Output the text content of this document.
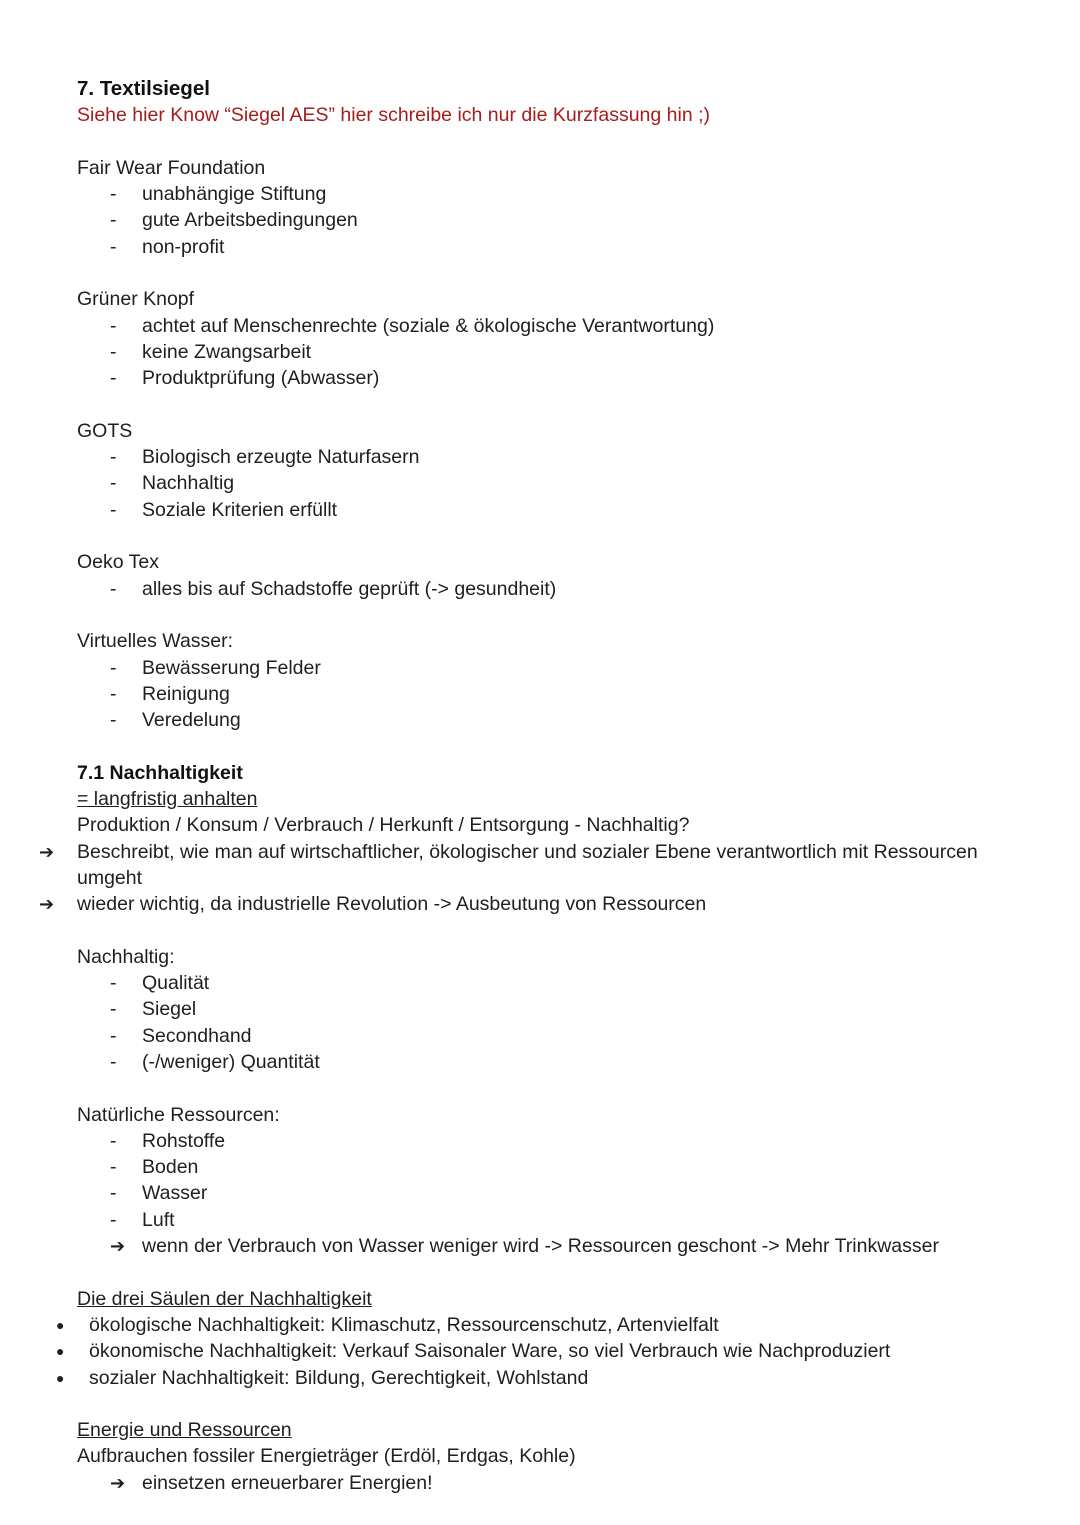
7. Textilsiegel
Siehe hier Know “Siegel AES” hier schreibe ich nur die Kurzfassung hin ;)
Fair Wear Foundation
- unabhängige Stiftung
- gute Arbeitsbedingungen
- non-profit
Grüner Knopf
- achtet auf Menschenrechte (soziale & ökologische Verantwortung)
- keine Zwangsarbeit
- Produktprüfung (Abwasser)
GOTS
- Biologisch erzeugte Naturfasern
- Nachhaltig
- Soziale Kriterien erfüllt
Oeko Tex
- alles bis auf Schadstoffe geprüft (-> gesundheit)
Virtuelles Wasser:
- Bewässerung Felder
- Reinigung
- Veredelung
7.1 Nachhaltigkeit
= langfristig anhalten
Produktion / Konsum / Verbrauch / Herkunft / Entsorgung - Nachhaltig?
➔ Beschreibt, wie man auf wirtschaftlicher, ökologischer und sozialer Ebene verantwortlich mit Ressourcen
umgeht
➔ wieder wichtig, da industrielle Revolution -> Ausbeutung von Ressourcen
Nachhaltig:
- Qualität
- Siegel
- Secondhand
- (-/weniger) Quantität
Natürliche Ressourcen:
- Rohstoffe
- Boden
- Wasser
- Luft
➔ wenn der Verbrauch von Wasser weniger wird -> Ressourcen geschont -> Mehr Trinkwasser
Die drei Säulen der Nachhaltigkeit
● ökologische Nachhaltigkeit: Klimaschutz, Ressourcenschutz, Artenvielfalt
● ökonomische Nachhaltigkeit: Verkauf Saisonaler Ware, so viel Verbrauch wie Nachproduziert
● sozialer Nachhaltigkeit: Bildung, Gerechtigkeit, Wohlstand
Energie und Ressourcen
Aufbrauchen fossiler Energieträger (Erdöl, Erdgas, Kohle)
➔ einsetzen erneuerbarer Energien!
